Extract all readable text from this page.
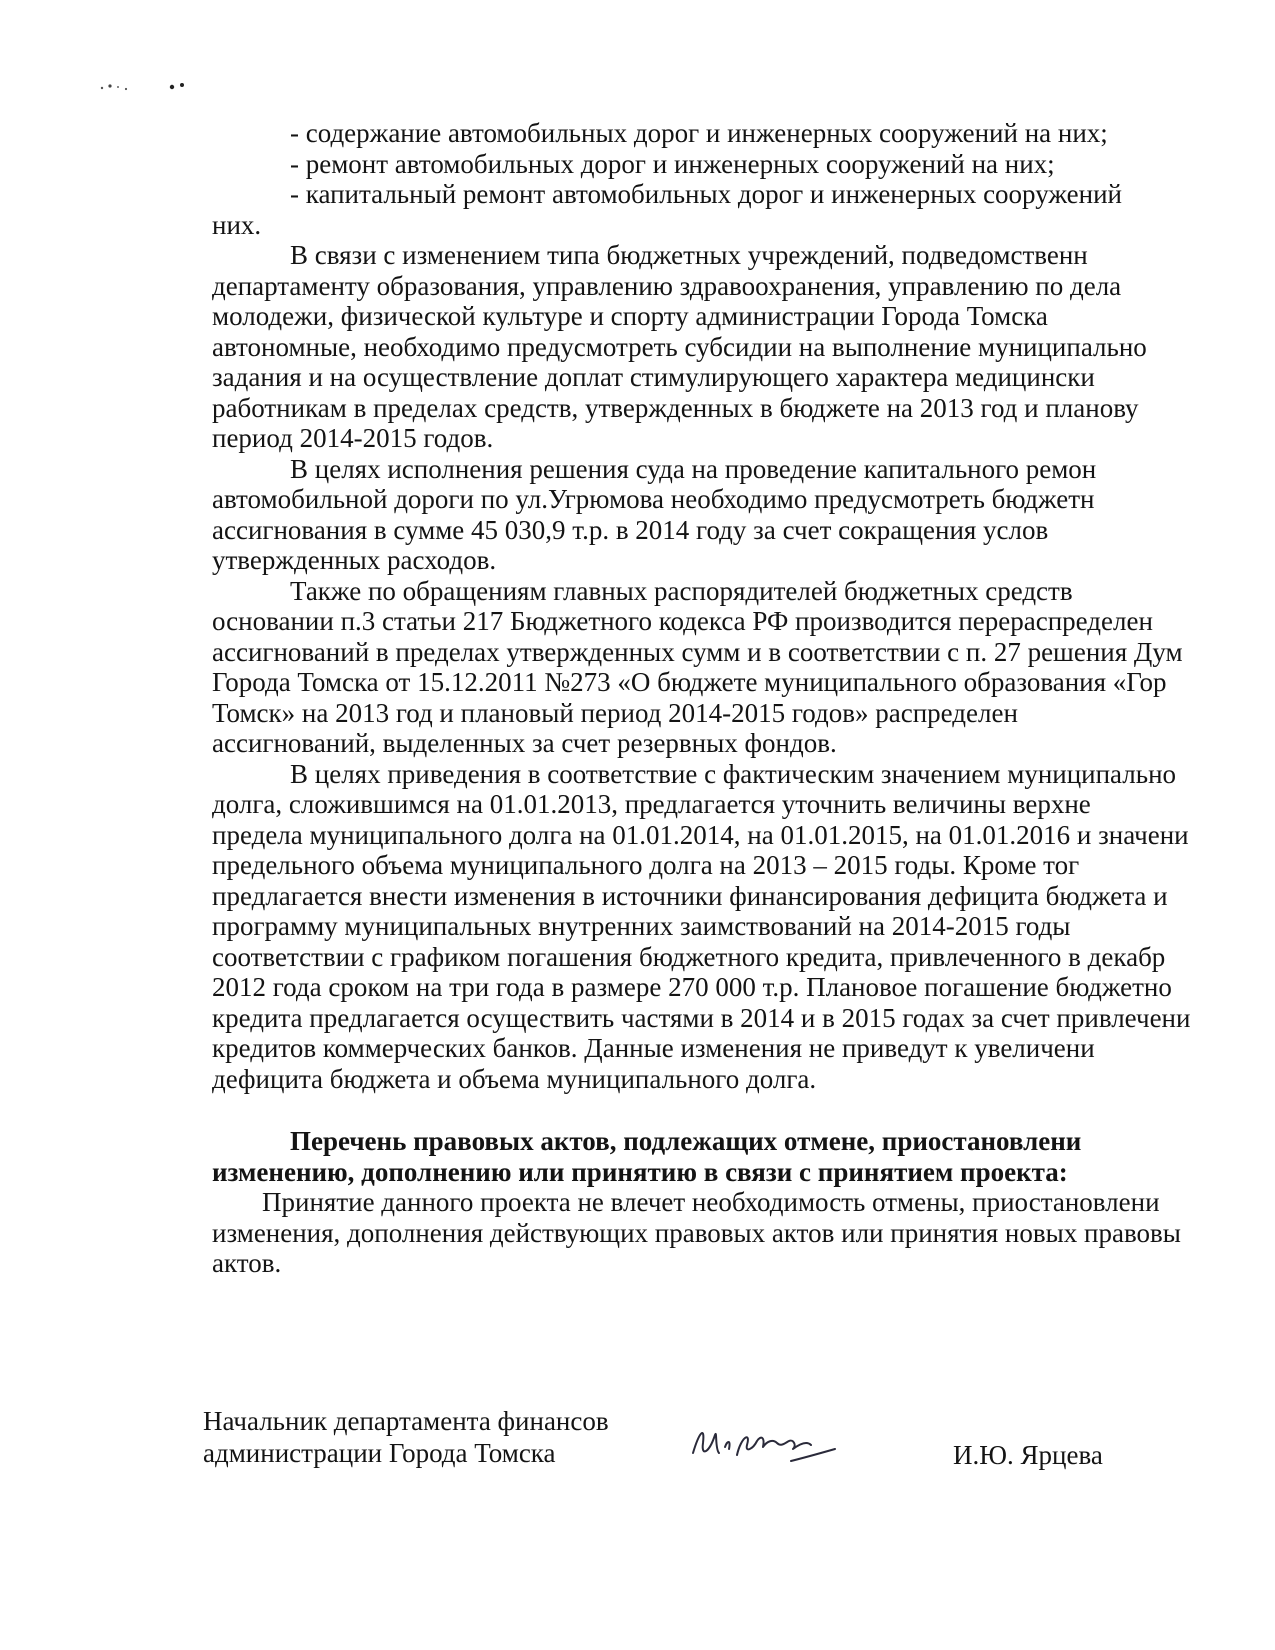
- содержание автомобильных дорог и инженерных сооружений на них;
- ремонт автомобильных дорог и инженерных сооружений на них;
- капитальный ремонт автомобильных дорог и инженерных сооружений
них.
В связи с изменением типа бюджетных учреждений, подведомственн
департаменту образования, управлению здравоохранения, управлению по дела
молодежи, физической культуре и спорту администрации Города Томска
автономные, необходимо предусмотреть субсидии на выполнение муниципально
задания и на осуществление доплат стимулирующего характера медицински
работникам в пределах средств, утвержденных в бюджете на 2013 год и планову
период 2014-2015 годов.
В целях исполнения решения суда на проведение капитального ремон
автомобильной дороги по ул.Угрюмова необходимо предусмотреть бюджетн
ассигнования в сумме 45 030,9 т.р. в 2014 году за счет сокращения услов
утвержденных расходов.
Также по обращениям главных распорядителей бюджетных средств
основании п.3 статьи 217 Бюджетного кодекса РФ производится перераспределен
ассигнований в пределах утвержденных сумм и в соответствии с п. 27 решения Дум
Города Томска от 15.12.2011 №273 «О бюджете муниципального образования «Гор
Томск» на 2013 год и плановый период 2014-2015 годов» распределен
ассигнований, выделенных за счет резервных фондов.
В целях приведения в соответствие с фактическим значением муниципально
долга, сложившимся на 01.01.2013, предлагается уточнить величины верхне
предела муниципального долга на 01.01.2014, на 01.01.2015, на 01.01.2016 и значени
предельного объема муниципального долга на 2013 – 2015 годы. Кроме тог
предлагается внести изменения в источники финансирования дефицита бюджета и
программу муниципальных внутренних заимствований на 2014-2015 годы
соответствии с графиком погашения бюджетного кредита, привлеченного в декабр
2012 года сроком на три года в размере 270 000 т.р. Плановое погашение бюджетно
кредита предлагается осуществить частями в 2014 и в 2015 годах за счет привлечени
кредитов коммерческих банков. Данные изменения не приведут к увеличени
дефицита бюджета и объема муниципального долга.
Перечень правовых актов, подлежащих отмене, приостановлени
изменению, дополнению или принятию в связи с принятием проекта:
Принятие данного проекта не влечет необходимость отмены, приостановлени
изменения, дополнения действующих правовых актов или принятия новых правовы
актов.
Начальник департамента финансов
администрации Города Томска	И.Ю. Ярцева
